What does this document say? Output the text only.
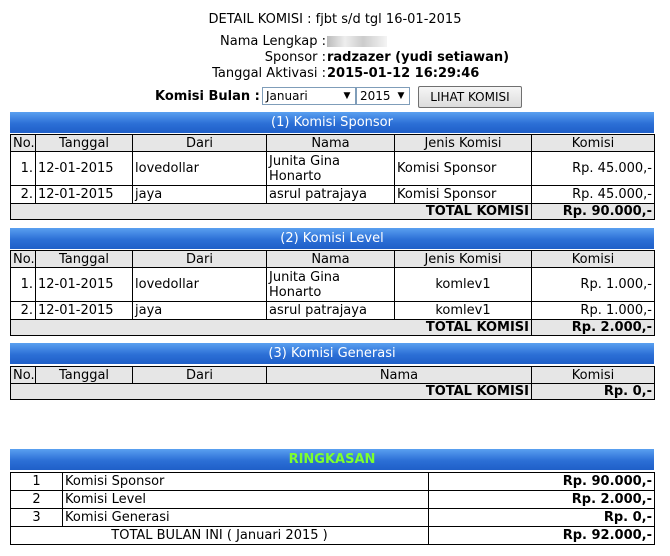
DETAIL KOMISI : fjbt s/d tgl 16-01-2015
Nama Lengkap :
Sponsor : radzazer (yudi setiawan)
Tanggal Aktivasi : 2015-01-12 16:29:46
Komisi Bulan : Januari	▼ 2015 ▼	LIHAT KOMISI
(1) Komisi Sponsor
No.	Tanggal	Dari	Nama	Jenis Komisi	Komisi
1.	12-01-2015	lovedollar	Junita Gina Honarto	Komisi Sponsor	Rp. 45.000,-
2.	12-01-2015	jaya	asrul patrajaya	Komisi Sponsor	Rp. 45.000,-
TOTAL KOMISI					Rp. 90.000,-
(2) Komisi Level
No.	Tanggal	Dari	Nama	Jenis Komisi	Komisi
1.	12-01-2015	lovedollar	Junita Gina Honarto	komlev1	Rp. 1.000,-
2.	12-01-2015	jaya	asrul patrajaya	komlev1	Rp. 1.000,-
TOTAL KOMISI					Rp. 2.000,-
(3) Komisi Generasi
No.	Tanggal	Dari	Nama	Komisi
TOTAL KOMISI				Rp. 0,-
RINGKASAN
1	Komisi Sponsor	Rp. 90.000,-
2	Komisi Level	Rp. 2.000,-
3	Komisi Generasi	Rp. 0,-
TOTAL BULAN INI ( Januari 2015 )		Rp. 92.000,-
